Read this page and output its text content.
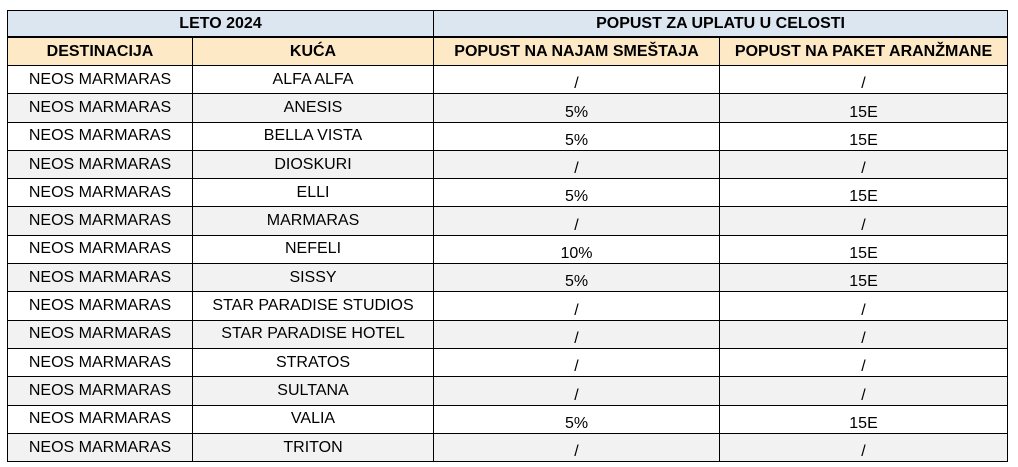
LETO 2024		POPUST ZA UPLATU U CELOSTI	
DESTINACIJA	KUĆA	POPUST NA NAJAM SMEŠTAJA	POPUST NA PAKET ARANŽMANE
NEOS MARMARAS	ALFA ALFA	/	/
NEOS MARMARAS	ANESIS	5%	15E
NEOS MARMARAS	BELLA VISTA	5%	15E
NEOS MARMARAS	DIOSKURI	/	/
NEOS MARMARAS	ELLI	5%	15E
NEOS MARMARAS	MARMARAS	/	/
NEOS MARMARAS	NEFELI	10%	15E
NEOS MARMARAS	SISSY	5%	15E
NEOS MARMARAS	STAR PARADISE STUDIOS	/	/
NEOS MARMARAS	STAR PARADISE HOTEL	/	/
NEOS MARMARAS	STRATOS	/	/
NEOS MARMARAS	SULTANA	/	/
NEOS MARMARAS	VALIA	5%	15E
NEOS MARMARAS	TRITON	/	/
